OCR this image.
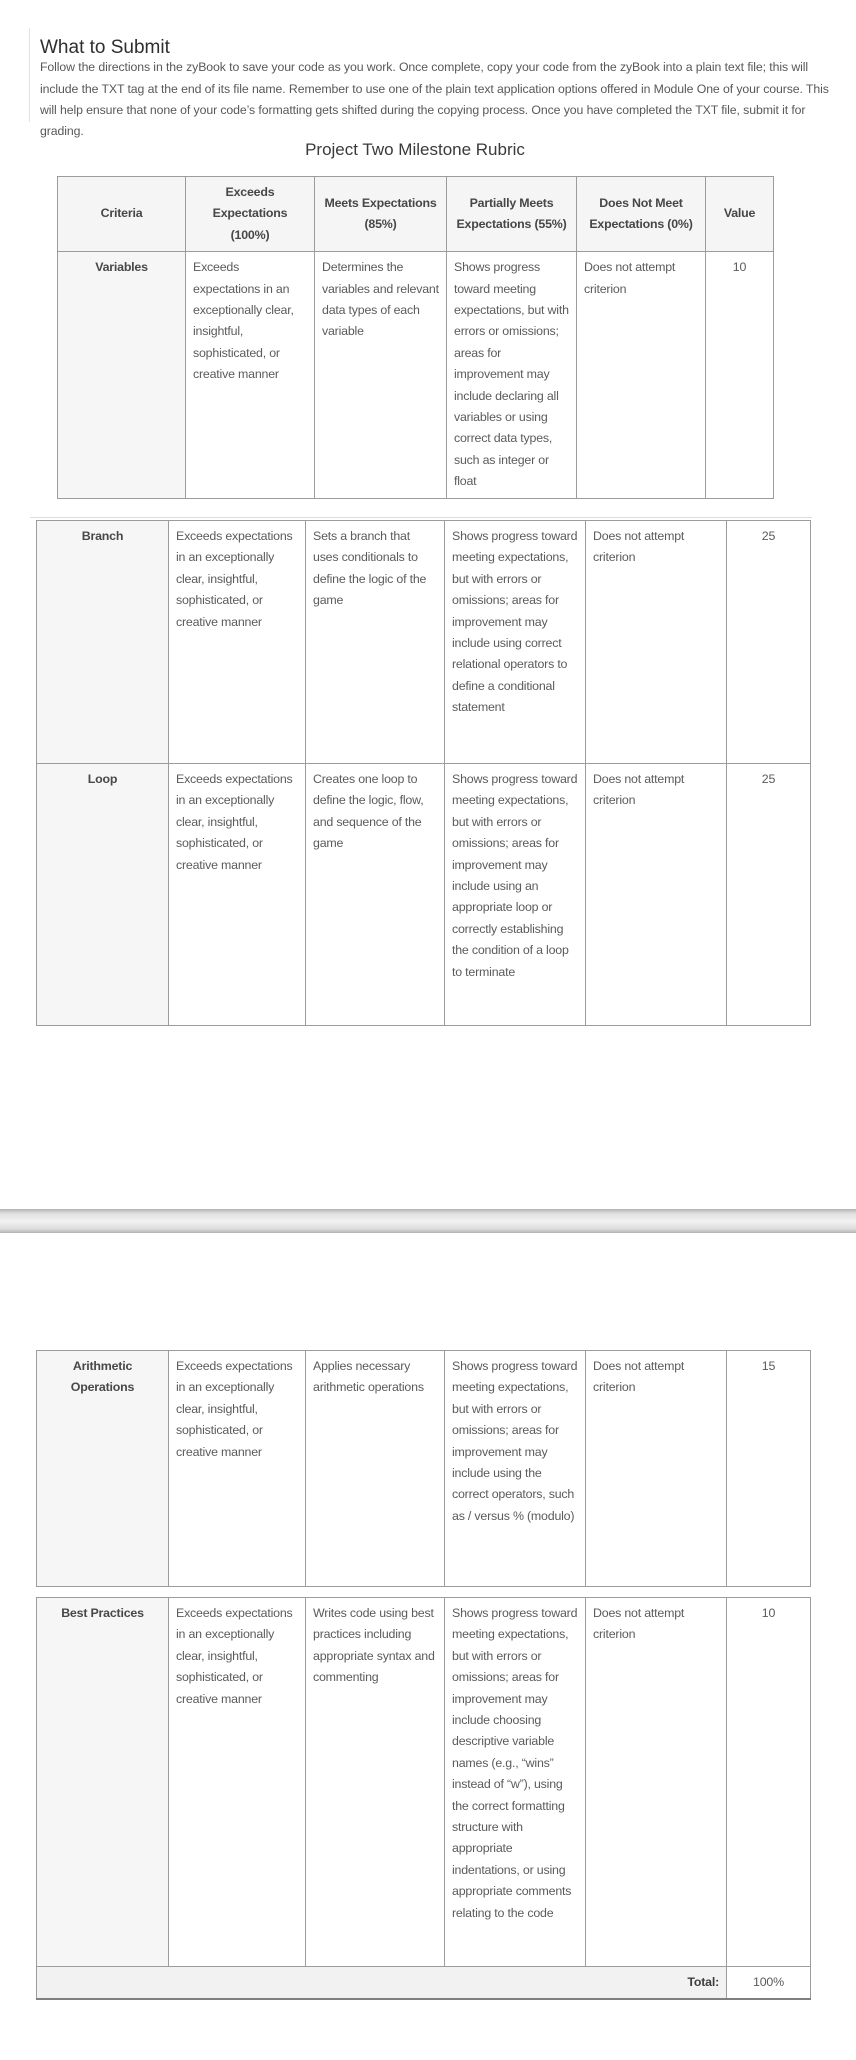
What to Submit

Follow the directions in the zyBook to save your code as you work. Once complete, copy your code from the zyBook into a plain text file; this will include the TXT tag at the end of its file name. Remember to use one of the plain text application options offered in Module One of your course. This will help ensure that none of your code’s formatting gets shifted during the copying process. Once you have completed the TXT file, submit it for grading.

Project Two Milestone Rubric
Criteria	Exceeds Expectations (100%)	Meets Expectations (85%)	Partially Meets Expectations (55%)	Does Not Meet Expectations (0%)	Value
Variables	Exceeds expectations in an exceptionally clear, insightful, sophisticated, or creative manner	Determines the variables and relevant data types of each variable	Shows progress toward meeting expectations, but with errors or omissions; areas for improvement may include declaring all variables or using correct data types, such as integer or float	Does not attempt criterion	10
Branch	Exceeds expectations in an exceptionally clear, insightful, sophisticated, or creative manner	Sets a branch that uses conditionals to define the logic of the game	Shows progress toward meeting expectations, but with errors or omissions; areas for improvement may include using correct relational operators to define a conditional statement	Does not attempt criterion	25
Loop	Exceeds expectations in an exceptionally clear, insightful, sophisticated, or creative manner	Creates one loop to define the logic, flow, and sequence of the game	Shows progress toward meeting expectations, but with errors or omissions; areas for improvement may include using an appropriate loop or correctly establishing the condition of a loop to terminate	Does not attempt criterion	25
Arithmetic Operations	Exceeds expectations in an exceptionally clear, insightful, sophisticated, or creative manner	Applies necessary arithmetic operations	Shows progress toward meeting expectations, but with errors or omissions; areas for improvement may include using the correct operators, such as / versus % (modulo)	Does not attempt criterion	15
Best Practices	Exceeds expectations in an exceptionally clear, insightful, sophisticated, or creative manner	Writes code using best practices including appropriate syntax and commenting	Shows progress toward meeting expectations, but with errors or omissions; areas for improvement may include choosing descriptive variable names (e.g., “wins” instead of “w”), using the correct formatting structure with appropriate indentations, or using appropriate comments relating to the code	Does not attempt criterion	10
Total:					100%
